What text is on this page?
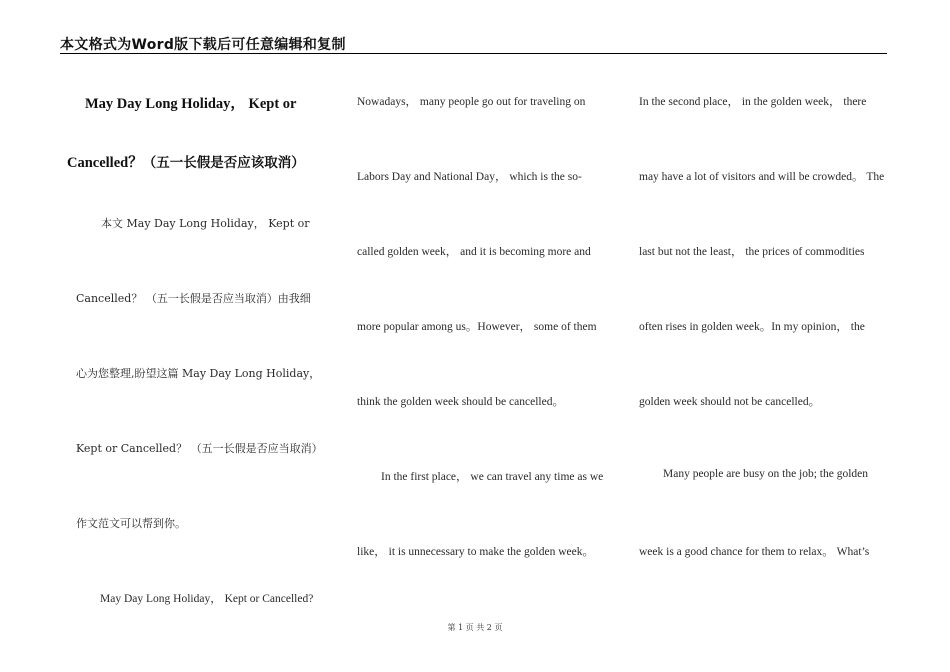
本文格式为Word版下载后可任意编辑和复制
May Day Long Holiday， Kept or
Cancelled？（五一长假是否应该取消）
本文 May Day Long Holiday， Kept or
Cancelled？ （五一长假是否应当取消）由我细
心为您整理,盼望这篇 May Day Long Holiday，
Kept or Cancelled？ （五一长假是否应当取消）
作文范文可以帮到你。
May Day Long Holiday， Kept or Cancelled?
Nowadays， many people go out for traveling on
Labors Day and National Day， which is the so-
called golden week， and it is becoming more and
more popular among us。However， some of them
think the golden week should be cancelled。
In the first place， we can travel any time as we
like， it is unnecessary to make the golden week。
In the second place， in the golden week， there
may have a lot of visitors and will be crowded。 The
last but not the least， the prices of commodities
often rises in golden week。In my opinion， the
golden week should not be cancelled。
Many people are busy on the job; the golden
week is a good chance for them to relax。 What’s
第 1 页 共 2 页
